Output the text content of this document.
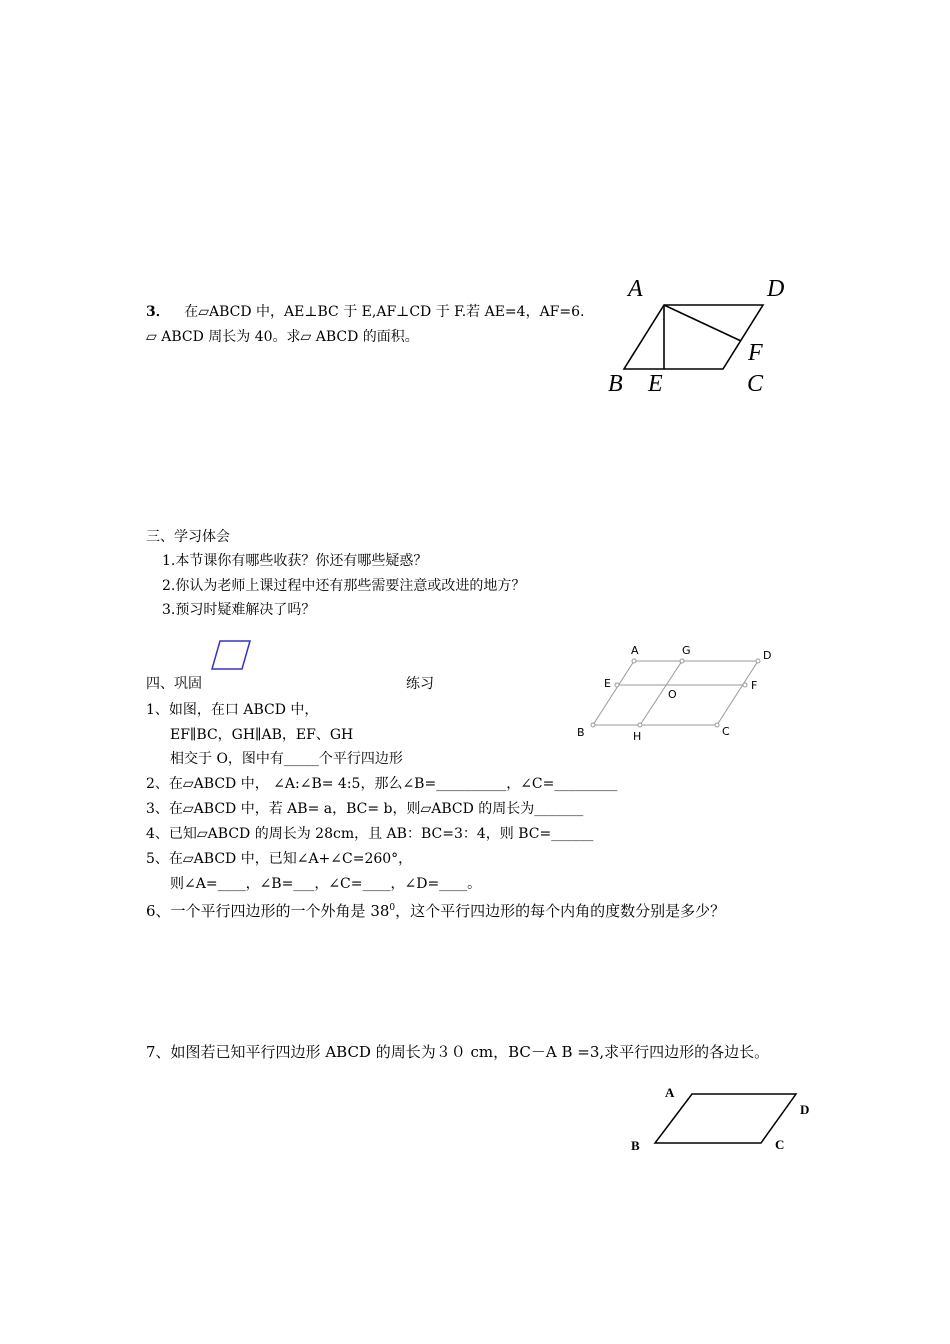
3． 在▱ABCD 中，AE⊥BC 于 E,AF⊥CD 于 F.若 AE=4，AF=6.
▱ ABCD 周长为 40。求▱ ABCD 的面积。
A	D
F
B E	C
三、学习体会
1.本节课你有哪些收获？你还有哪些疑惑？
2.你认为老师上课过程中还有那些需要注意或改进的地方？
3.预习时疑难解决了吗？
四、巩固	练习
1、如图，在口 ABCD 中，
EF∥BC，GH∥AB，EF、GH
相交于 O，图中有_____个平行四边形
A	G	D
E	F
O
B	H	C
2、在▱ABCD 中， ∠A:∠B= 4:5，那么∠B=__________，∠C=_________
3、在▱ABCD 中，若 AB= a，BC= b，则▱ABCD 的周长为_______
4、已知▱ABCD 的周长为 28cm，且 AB：BC=3：4，则 BC=______
5、在▱ABCD 中，已知∠A+∠C=260°，
则∠A=____，∠B=___，∠C=____，∠D=____。
6、一个平行四边形的一个外角是 $38^0$，这个平行四边形的每个内角的度数分别是多少？
7、如图若已知平行四边形 ABCD 的周长为３０ cm，BC－A B =3,求平行四边形的各边长。
A
D
B	C
